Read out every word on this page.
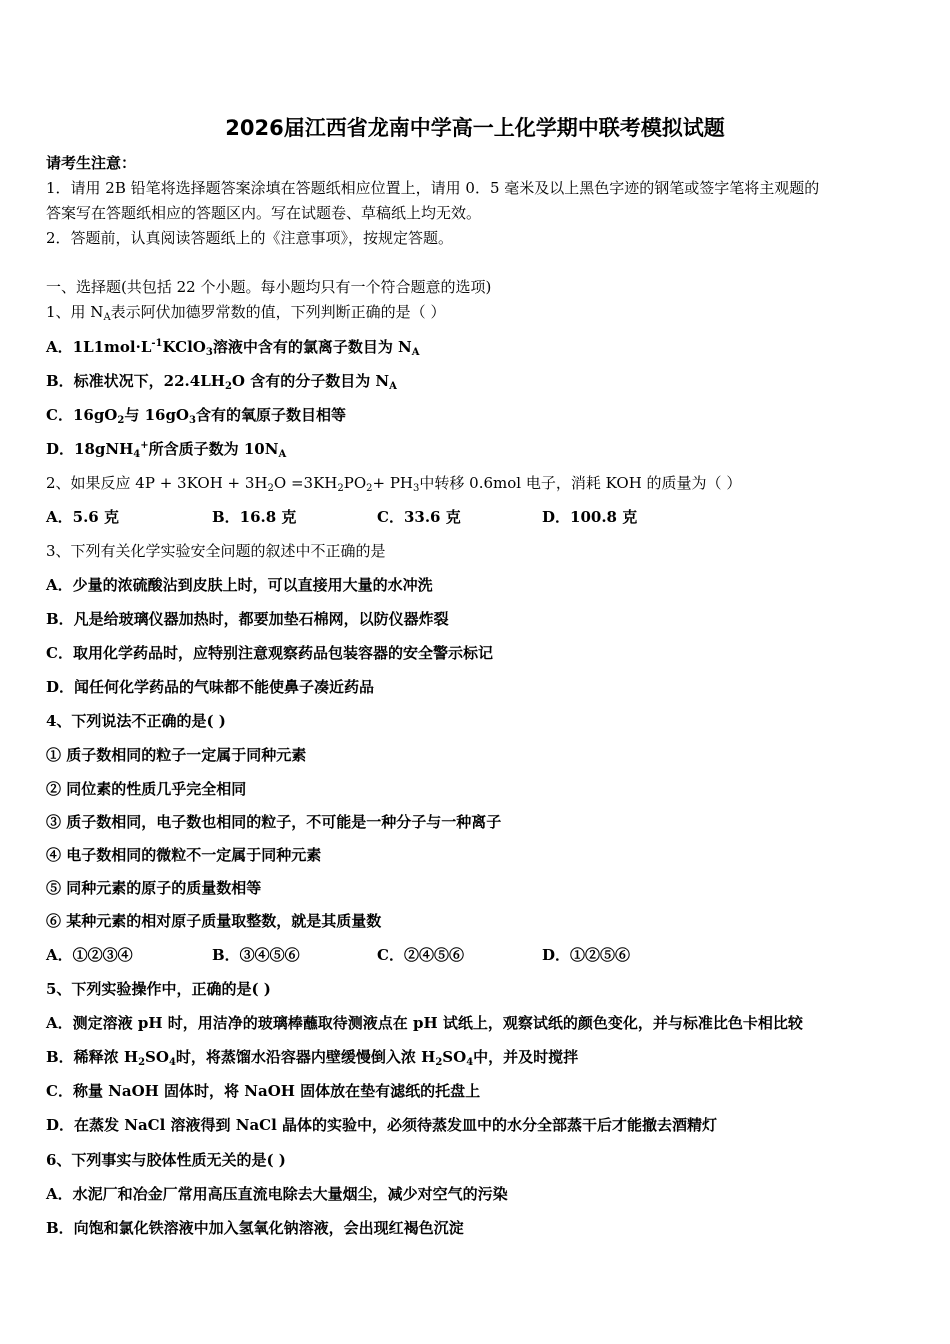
2026届江西省龙南中学高一上化学期中联考模拟试题
请考生注意：
1．请用 2B 铅笔将选择题答案涂填在答题纸相应位置上，请用 0．5 毫米及以上黑色字迹的钢笔或签字笔将主观题的
答案写在答题纸相应的答题区内。写在试题卷、草稿纸上均无效。
2．答题前，认真阅读答题纸上的《注意事项》，按规定答题。
一、选择题(共包括 22 个小题。每小题均只有一个符合题意的选项)
1、用 $N_A$表示阿伏加德罗常数的值，下列判断正确的是（ ）
A．$1L1mol\cdot L^{-1}KClO_3$溶液中含有的氯离子数目为 $N_A$
B．标准状况下，$22.4LH_2O$ 含有的分子数目为 $N_A$
C．$16gO_2$与 $16gO_3$含有的氧原子数目相等
D．18gNH$_4$+所含质子数为 $10N_A$
2、如果反应 $4P + 3KOH + 3H_2O =3KH_2PO_2+ PH_3$中转移 0.6mol 电子，消耗 KOH 的质量为（ ）
A．5.6 克	B．16.8 克	C．33.6 克	D．100.8 克
3、下列有关化学实验安全问题的叙述中不正确的是
A．少量的浓硫酸沾到皮肤上时，可以直接用大量的水冲洗
B．凡是给玻璃仪器加热时，都要加垫石棉网，以防仪器炸裂
C．取用化学药品时，应特别注意观察药品包装容器的安全警示标记
D．闻任何化学药品的气味都不能使鼻子凑近药品
4、下列说法不正确的是( )
① 质子数相同的粒子一定属于同种元素
② 同位素的性质几乎完全相同
③ 质子数相同，电子数也相同的粒子，不可能是一种分子与一种离子
④ 电子数相同的微粒不一定属于同种元素
⑤ 同种元素的原子的质量数相等
⑥ 某种元素的相对原子质量取整数，就是其质量数
A．①②③④	B．③④⑤⑥	C．②④⑤⑥	D．①②⑤⑥
5、下列实验操作中，正确的是( )
A．测定溶液 pH 时，用洁净的玻璃棒蘸取待测液点在 pH 试纸上，观察试纸的颜色变化，并与标准比色卡相比较
B．稀释浓 $H_2SO_4$时，将蒸馏水沿容器内壁缓慢倒入浓 $H_2SO_4$中，并及时搅拌
C．称量 NaOH 固体时，将 NaOH 固体放在垫有滤纸的托盘上
D．在蒸发 NaCl 溶液得到 NaCl 晶体的实验中，必须待蒸发皿中的水分全部蒸干后才能撤去酒精灯
6、下列事实与胶体性质无关的是( )
A．水泥厂和冶金厂常用高压直流电除去大量烟尘，减少对空气的污染
B．向饱和氯化铁溶液中加入氢氧化钠溶液，会出现红褐色沉淀
